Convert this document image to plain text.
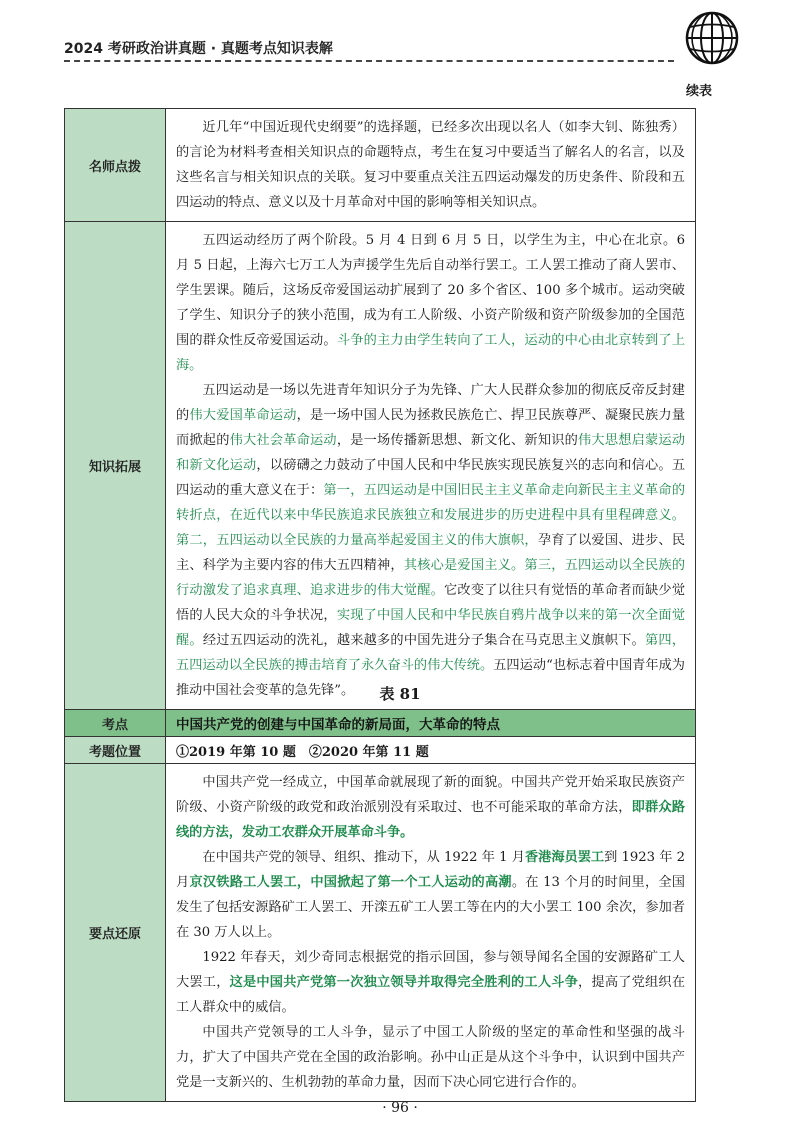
2024 考研政治讲真题 · 真题考点知识表解
续表
名师点拨	近几年“中国近现代史纲要”的选择题，已经多次出现以名人（如李大钊、陈独秀）的言论为材料考查相关知识点的命题特点，考生在复习中要适当了解名人的名言，以及这些名言与相关知识点的关联。复习中要重点关注五四运动爆发的历史条件、阶段和五四运动的特点、意义以及十月革命对中国的影响等相关知识点。

知识拓展	五四运动经历了两个阶段。5 月 4 日到 6 月 5 日，以学生为主，中心在北京。6 月 5 日起，上海六七万工人为声援学生先后自动举行罢工。工人罢工推动了商人罢市、学生罢课。随后，这场反帝爱国运动扩展到了 20 多个省区、100 多个城市。运动突破了学生、知识分子的狭小范围，成为有工人阶级、小资产阶级和资产阶级参加的全国范围的群众性反帝爱国运动。斗争的主力由学生转向了工人，运动的中心由北京转到了上海。

五四运动是一场以先进青年知识分子为先锋、广大人民群众参加的彻底反帝反封建的伟大爱国革命运动，是一场中国人民为拯救民族危亡、捍卫民族尊严、凝聚民族力量而掀起的伟大社会革命运动，是一场传播新思想、新文化、新知识的伟大思想启蒙运动和新文化运动，以磅礴之力鼓动了中国人民和中华民族实现民族复兴的志向和信心。五四运动的重大意义在于：第一，五四运动是中国旧民主主义革命走向新民主主义革命的转折点，在近代以来中华民族追求民族独立和发展进步的历史进程中具有里程碑意义。第二，五四运动以全民族的力量高举起爱国主义的伟大旗帜，孕育了以爱国、进步、民主、科学为主要内容的伟大五四精神，其核心是爱国主义。第三，五四运动以全民族的行动激发了追求真理、追求进步的伟大觉醒。它改变了以往只有觉悟的革命者而缺少觉悟的人民大众的斗争状况，实现了中国人民和中华民族自鸦片战争以来的第一次全面觉醒。经过五四运动的洗礼，越来越多的中国先进分子集合在马克思主义旗帜下。第四，五四运动以全民族的搏击培育了永久奋斗的伟大传统。五四运动“也标志着中国青年成为推动中国社会变革的急先锋”。	表 81
考点	中国共产党的创建与中国革命的新局面，大革命的特点
考题位置	①2019 年第 10 题　②2020 年第 11 题
要点还原	中国共产党一经成立，中国革命就展现了新的面貌。中国共产党开始采取民族资产阶级、小资产阶级的政党和政治派别没有采取过、也不可能采取的革命方法，即群众路线的方法，发动工农群众开展革命斗争。

在中国共产党的领导、组织、推动下，从 1922 年 1 月香港海员罢工到 1923 年 2 月京汉铁路工人罢工，中国掀起了第一个工人运动的高潮。在 13 个月的时间里，全国发生了包括安源路矿工人罢工、开滦五矿工人罢工等在内的大小罢工 100 余次，参加者在 30 万人以上。

1922 年春天，刘少奇同志根据党的指示回国，参与领导闻名全国的安源路矿工人大罢工，这是中国共产党第一次独立领导并取得完全胜利的工人斗争，提高了党组织在工人群众中的威信。

中国共产党领导的工人斗争，显示了中国工人阶级的坚定的革命性和坚强的战斗力，扩大了中国共产党在全国的政治影响。孙中山正是从这个斗争中，认识到中国共产党是一支新兴的、生机勃勃的革命力量，因而下决心同它进行合作的。

· 96 ·
